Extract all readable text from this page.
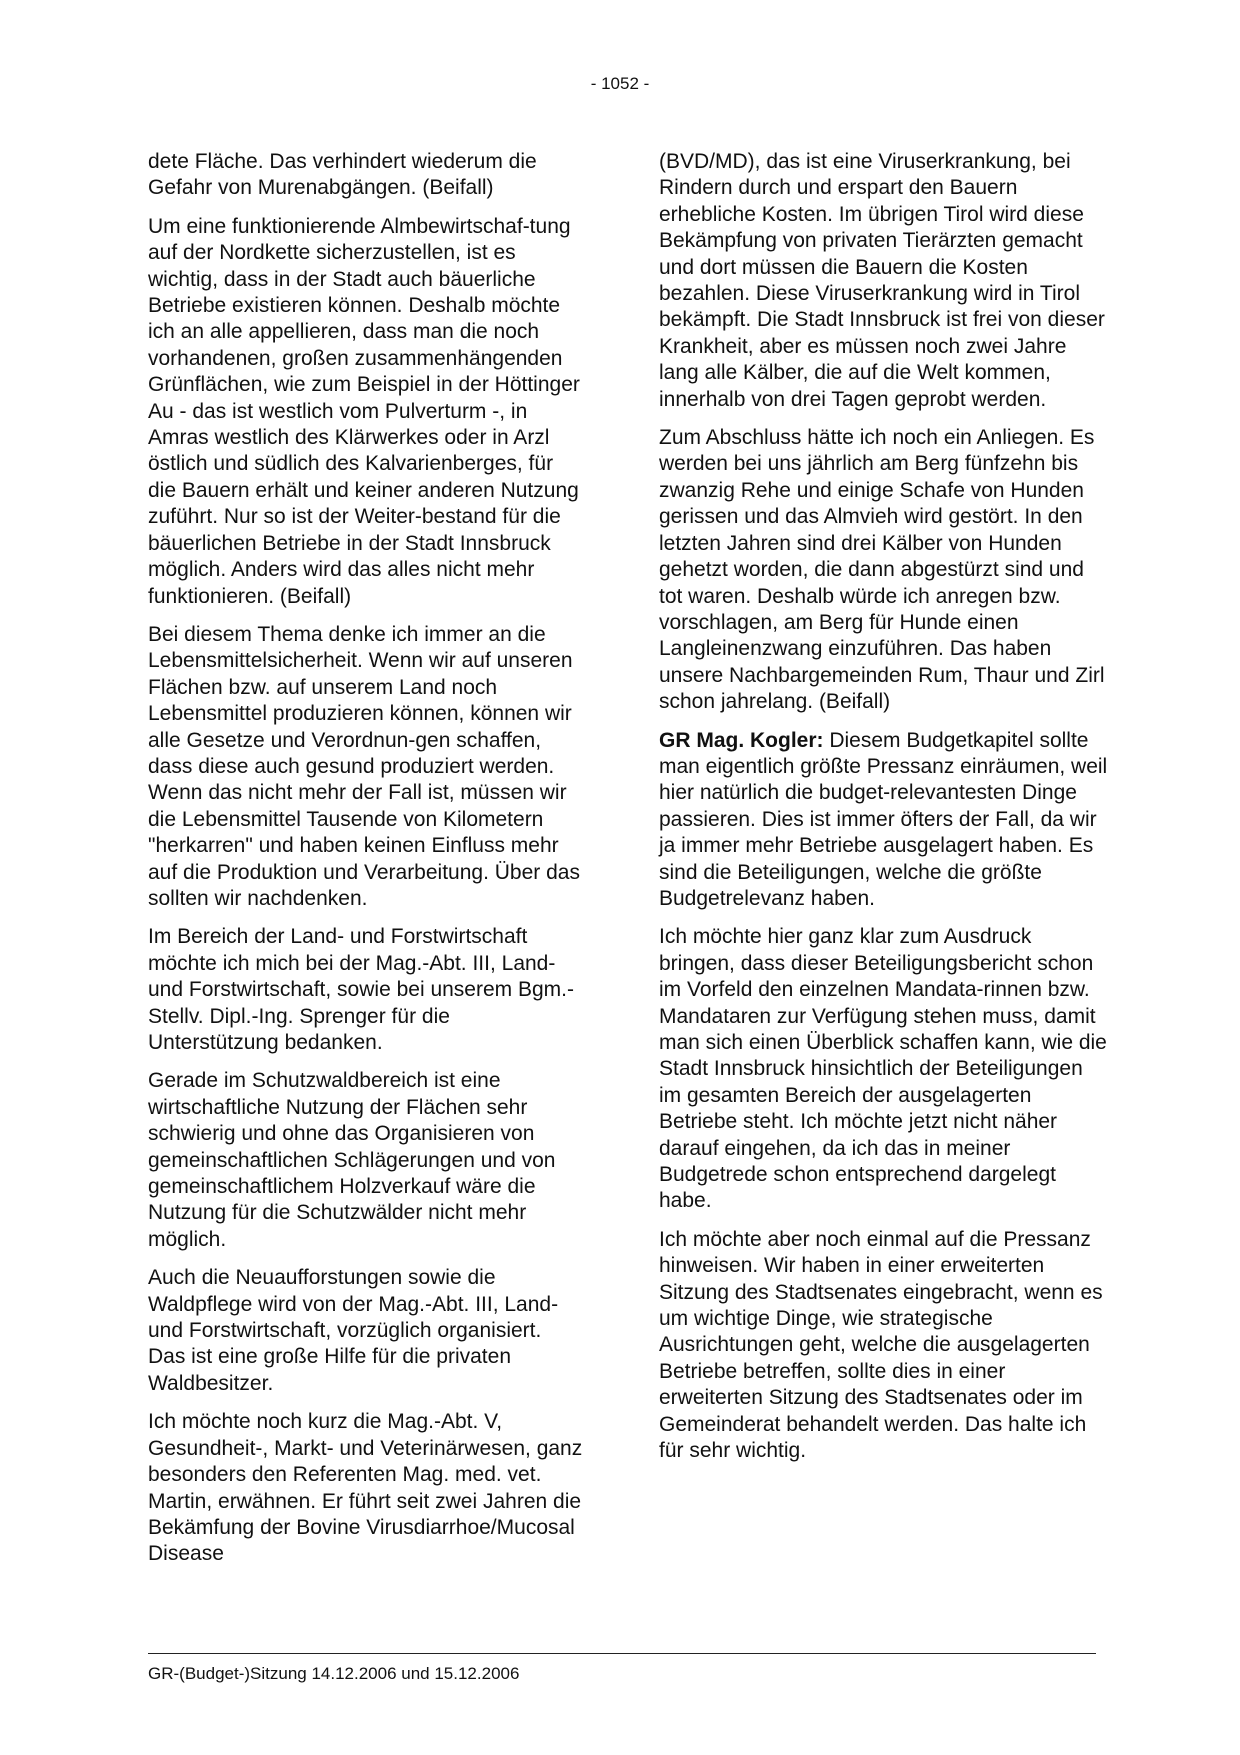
- 1052 -

dete Fläche. Das verhindert wiederum die Gefahr von Murenabgängen. (Beifall)

Um eine funktionierende Almbewirtschaf-tung auf der Nordkette sicherzustellen, ist es wichtig, dass in der Stadt auch bäuerliche Betriebe existieren können. Deshalb möchte ich an alle appellieren, dass man die noch vorhandenen, großen zusammenhängenden Grünflächen, wie zum Beispiel in der Höttinger Au - das ist westlich vom Pulverturm -, in Amras westlich des Klärwerkes oder in Arzl östlich und südlich des Kalvarienberges, für die Bauern erhält und keiner anderen Nutzung zuführt. Nur so ist der Weiter-bestand für die bäuerlichen Betriebe in der Stadt Innsbruck möglich. Anders wird das alles nicht mehr funktionieren. (Beifall)

Bei diesem Thema denke ich immer an die Lebensmittelsicherheit. Wenn wir auf unseren Flächen bzw. auf unserem Land noch Lebensmittel produzieren können, können wir alle Gesetze und Verordnun-gen schaffen, dass diese auch gesund produziert werden. Wenn das nicht mehr der Fall ist, müssen wir die Lebensmittel Tausende von Kilometern "herkarren" und haben keinen Einfluss mehr auf die Produktion und Verarbeitung. Über das sollten wir nachdenken.

Im Bereich der Land- und Forstwirtschaft möchte ich mich bei der Mag.-Abt. III, Land- und Forstwirtschaft, sowie bei unserem Bgm.-Stellv. Dipl.-Ing. Sprenger für die Unterstützung bedanken.

Gerade im Schutzwaldbereich ist eine wirtschaftliche Nutzung der Flächen sehr schwierig und ohne das Organisieren von gemeinschaftlichen Schlägerungen und von gemeinschaftlichem Holzverkauf wäre die Nutzung für die Schutzwälder nicht mehr möglich.

Auch die Neuaufforstungen sowie die Waldpflege wird von der Mag.-Abt. III, Land- und Forstwirtschaft, vorzüglich organisiert. Das ist eine große Hilfe für die privaten Waldbesitzer.

Ich möchte noch kurz die Mag.-Abt. V, Gesundheit-, Markt- und Veterinärwesen, ganz besonders den Referenten Mag. med. vet. Martin, erwähnen. Er führt seit zwei Jahren die Bekämfung der Bovine Virusdiarrhoe/Mucosal Disease

(BVD/MD), das ist eine Viruserkrankung, bei Rindern durch und erspart den Bauern erhebliche Kosten. Im übrigen Tirol wird diese Bekämpfung von privaten Tierärzten gemacht und dort müssen die Bauern die Kosten bezahlen. Diese Viruserkrankung wird in Tirol bekämpft. Die Stadt Innsbruck ist frei von dieser Krankheit, aber es müssen noch zwei Jahre lang alle Kälber, die auf die Welt kommen, innerhalb von drei Tagen geprobt werden.

Zum Abschluss hätte ich noch ein Anliegen. Es werden bei uns jährlich am Berg fünfzehn bis zwanzig Rehe und einige Schafe von Hunden gerissen und das Almvieh wird gestört. In den letzten Jahren sind drei Kälber von Hunden gehetzt worden, die dann abgestürzt sind und tot waren. Deshalb würde ich anregen bzw. vorschlagen, am Berg für Hunde einen Langleinenzwang einzuführen. Das haben unsere Nachbargemeinden Rum, Thaur und Zirl schon jahrelang. (Beifall)

GR Mag. Kogler: Diesem Budgetkapitel sollte man eigentlich größte Pressanz einräumen, weil hier natürlich die budget-relevantesten Dinge passieren. Dies ist immer öfters der Fall, da wir ja immer mehr Betriebe ausgelagert haben. Es sind die Beteiligungen, welche die größte Budgetrelevanz haben.

Ich möchte hier ganz klar zum Ausdruck bringen, dass dieser Beteiligungsbericht schon im Vorfeld den einzelnen Mandata-rinnen bzw. Mandataren zur Verfügung stehen muss, damit man sich einen Überblick schaffen kann, wie die Stadt Innsbruck hinsichtlich der Beteiligungen im gesamten Bereich der ausgelagerten Betriebe steht. Ich möchte jetzt nicht näher darauf eingehen, da ich das in meiner Budgetrede schon entsprechend dargelegt habe.

Ich möchte aber noch einmal auf die Pressanz hinweisen. Wir haben in einer erweiterten Sitzung des Stadtsenates eingebracht, wenn es um wichtige Dinge, wie strategische Ausrichtungen geht, welche die ausgelagerten Betriebe betreffen, sollte dies in einer erweiterten Sitzung des Stadtsenates oder im Gemeinderat behandelt werden. Das halte ich für sehr wichtig.

GR-(Budget-)Sitzung 14.12.2006 und 15.12.2006
